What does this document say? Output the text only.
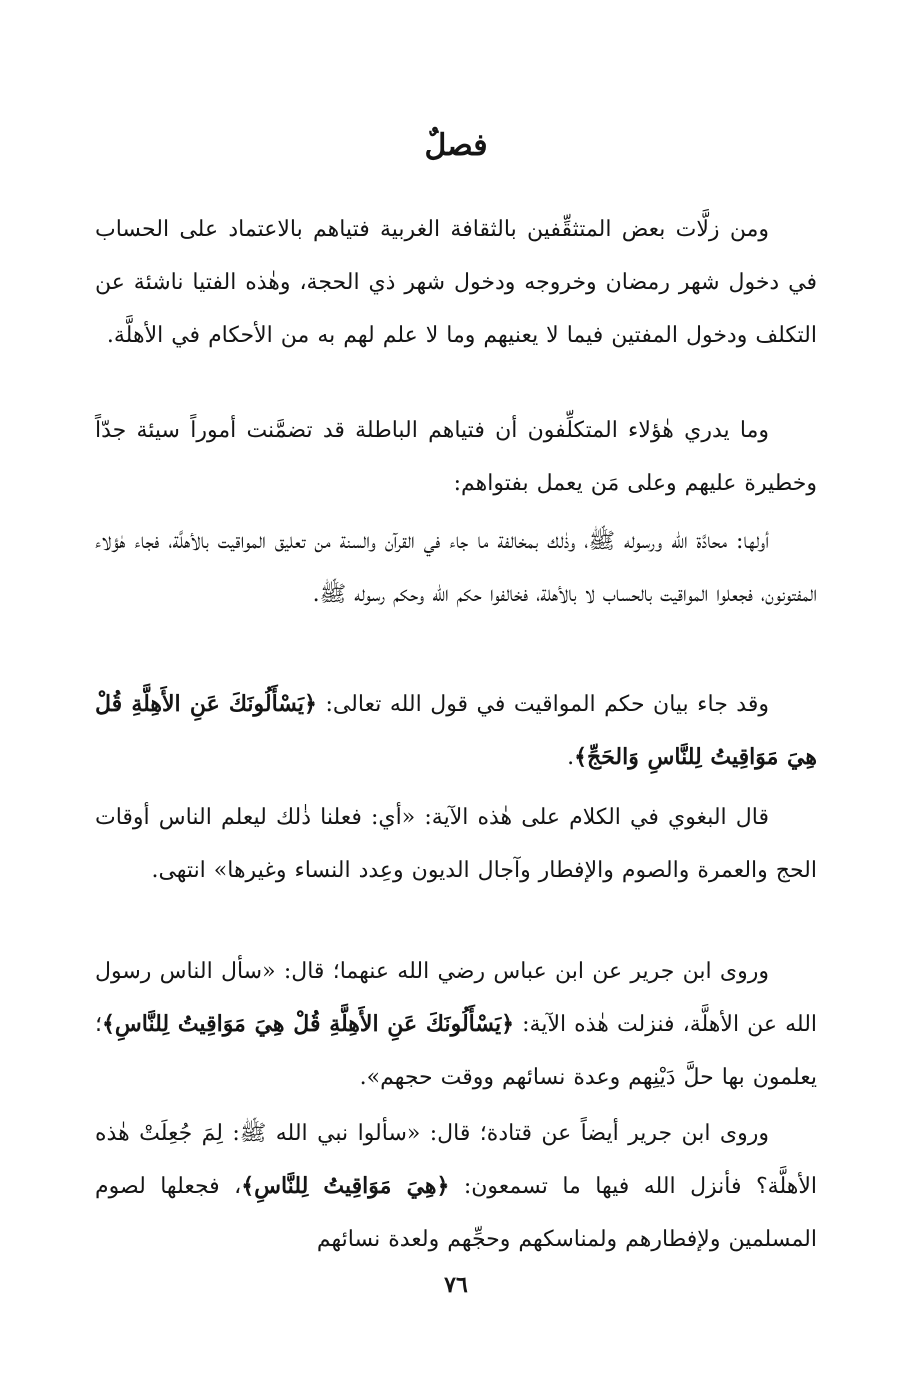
فصلٌ

ومن زلَّات بعض المتثقِّفين بالثقافة الغربية فتياهم بالاعتماد على الحساب في دخول شهر رمضان وخروجه ودخول شهر ذي الحجة، وهٰذه الفتيا ناشئة عن التكلف ودخول المفتين فيما لا يعنيهم وما لا علم لهم به من الأحكام في الأهلَّة.

وما يدري هٰؤلاء المتكلِّفون أن فتياهم الباطلة قد تضمَّنت أموراً سيئة جدّاً وخطيرة عليهم وعلى مَن يعمل بفتواهم:

أولها: محادَّة الله ورسوله ﷺ، وذٰلك بمخالفة ما جاء في القرآن والسنة من تعليق المواقيت بالأهلَّة، فجاء هٰؤلاء المفتونون، فجعلوا المواقيت بالحساب لا بالأهلة، فخالفوا حكم الله وحكم رسوله ﷺ.

وقد جاء بيان حكم المواقيت في قول الله تعالى: ﴿يَسْأَلُونَكَ عَنِ الأَهِلَّةِ قُلْ هِيَ مَوَاقِيتُ لِلنَّاسِ وَالحَجِّ﴾.

قال البغوي في الكلام على هٰذه الآية: «أي: فعلنا ذٰلك ليعلم الناس أوقات الحج والعمرة والصوم والإفطار وآجال الديون وعِدد النساء وغيرها» انتهى.

وروى ابن جرير عن ابن عباس رضي الله عنهما؛ قال: «سأل الناس رسول الله عن الأهلَّة، فنزلت هٰذه الآية: ﴿يَسْأَلُونَكَ عَنِ الأَهِلَّةِ قُلْ هِيَ مَوَاقِيتُ لِلنَّاسِ﴾؛ يعلمون بها حلَّ دَيْنِهم وعدة نسائهم ووقت حجهم».

وروى ابن جرير أيضاً عن قتادة؛ قال: «سألوا نبي الله ﷺ: لِمَ جُعِلَتْ هٰذه الأهلَّة؟ فأنزل الله فيها ما تسمعون: ﴿هِيَ مَوَاقِيتُ لِلنَّاسِ﴾، فجعلها لصوم المسلمين ولإفطارهم ولمناسكهم وحجِّهم ولعدة نسائهم

٧٦
